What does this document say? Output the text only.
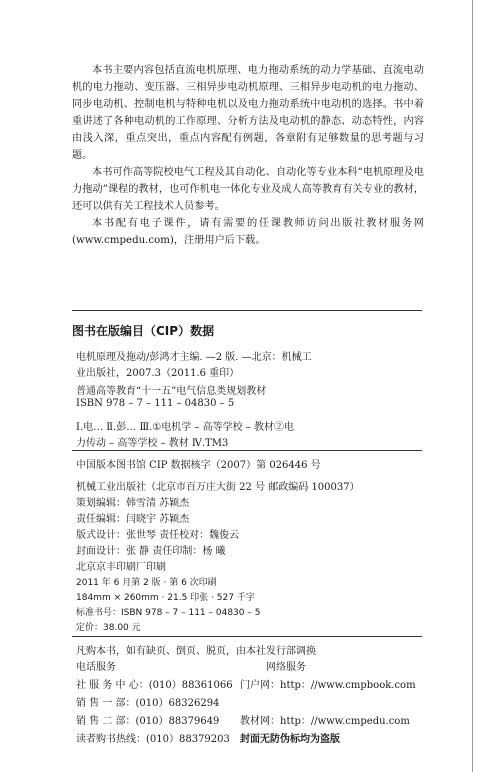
本书主要内容包括直流电机原理、电力拖动系统的动力学基础、直流电动机的电力拖动、变压器、三相异步电动机原理、三相异步电动机的电力拖动、同步电动机、控制电机与特种电机以及电力拖动系统中电动机的选择。书中着重讲述了各种电动机的工作原理、分析方法及电动机的静态、动态特性，内容由浅入深，重点突出，重点内容配有例题，各章附有足够数量的思考题与习题。

本书可作高等院校电气工程及其自动化、自动化等专业本科“电机原理及电力拖动”课程的教材，也可作机电一体化专业及成人高等教育有关专业的教材，还可以供有关工程技术人员参考。

本书配有电子课件，请有需要的任课教师访问出版社教材服务网(www.cmpedu.com)，注册用户后下载。

图书在版编目（CIP）数据
电机原理及拖动/彭鸿才主编. —2 版. —北京：机械工
业出版社，2007.3（2011.6 重印）
普通高等教育“十一五”电气信息类规划教材
ISBN 978 – 7 – 111 – 04830 – 5
Ⅰ.电… Ⅱ.彭… Ⅲ.①电机学 – 高等学校 – 教材②电
力传动 – 高等学校 – 教材 Ⅳ.TM3
中国版本图书馆 CIP 数据核字（2007）第 026446 号
机械工业出版社（北京市百万庄大街 22 号 邮政编码 100037）
策划编辑：韩雪清 苏颖杰
责任编辑：闫晓宇 苏颖杰
版式设计：张世琴 责任校对：魏俊云
封面设计：张 静 责任印制：杨 曦
北京京丰印刷厂印刷
2011 年 6 月第 2 版 · 第 6 次印刷
184mm × 260mm · 21.5 印张 · 527 千字
标准书号：ISBN 978 – 7 – 111 – 04830 – 5
定价：38.00 元
凡购本书，如有缺页、倒页、脱页，由本社发行部调换
电话服务	网络服务
社 服 务 中 心：(010）88361066
销 售 一 部：(010）68326294
销 售 二 部：(010）88379649
读者购书热线：(010）88379203
门户网：http：//www.cmpbook.com
教材网：http：//www.cmpedu.com
封面无防伪标均为盗版
